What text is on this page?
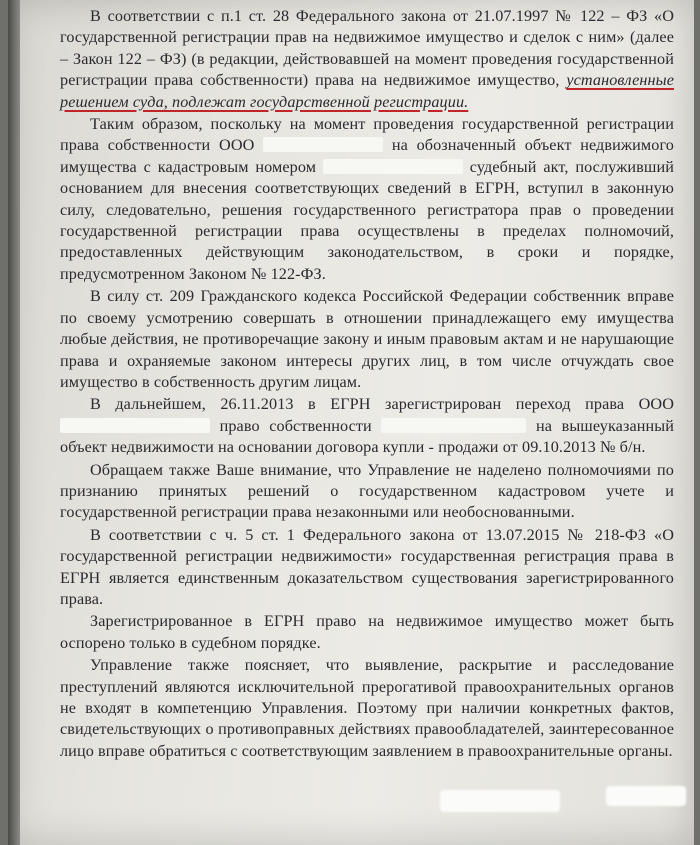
В соответствии с п.1 ст. 28 Федерального закона от 21.07.1997 № 122 – ФЗ «О государственной регистрации прав на недвижимое имущество и сделок с ним» (далее – Закон 122 – ФЗ) (в редакции, действовавшей на момент проведения государственной регистрации права собственности) права на недвижимое имущество, установленные решением суда, подлежат государственной регистрации.

Таким образом, поскольку на момент проведения государственной регистрации права собственности ООО	на обозначенный объект недвижимого имущества с кадастровым номером	судебный акт, послуживший основанием для внесения соответствующих сведений в ЕГРН, вступил в законную силу, следовательно, решения государственного регистратора прав о проведении государственной регистрации права осуществлены в пределах полномочий, предоставленных действующим законодательством, в сроки и порядке, предусмотренном Законом № 122-ФЗ.

В силу ст. 209 Гражданского кодекса Российской Федерации собственник вправе по своему усмотрению совершать в отношении принадлежащего ему имущества любые действия, не противоречащие закону и иным правовым актам и не нарушающие права и охраняемые законом интересы других лиц, в том числе отчуждать свое имущество в собственность другим лицам.

В дальнейшем, 26.11.2013 в ЕГРН зарегистрирован переход права ООО  право собственности	на вышеуказанный объект недвижимости на основании договора купли - продажи от 09.10.2013 № б/н.

Обращаем также Ваше внимание, что Управление не наделено полномочиями по признанию принятых решений о государственном кадастровом учете и государственной регистрации права незаконными или необоснованными.

В соответствии с ч. 5 ст. 1 Федерального закона от 13.07.2015 № 218-ФЗ «О государственной регистрации недвижимости» государственная регистрация права в ЕГРН является единственным доказательством существования зарегистрированного права.

Зарегистрированное в ЕГРН право на недвижимое имущество может быть оспорено только в судебном порядке.

Управление также поясняет, что выявление, раскрытие и расследование преступлений являются исключительной прерогативой правоохранительных органов не входят в компетенцию Управления. Поэтому при наличии конкретных фактов, свидетельствующих о противоправных действиях правообладателей, заинтересованное лицо вправе обратиться с соответствующим заявлением в правоохранительные органы.
